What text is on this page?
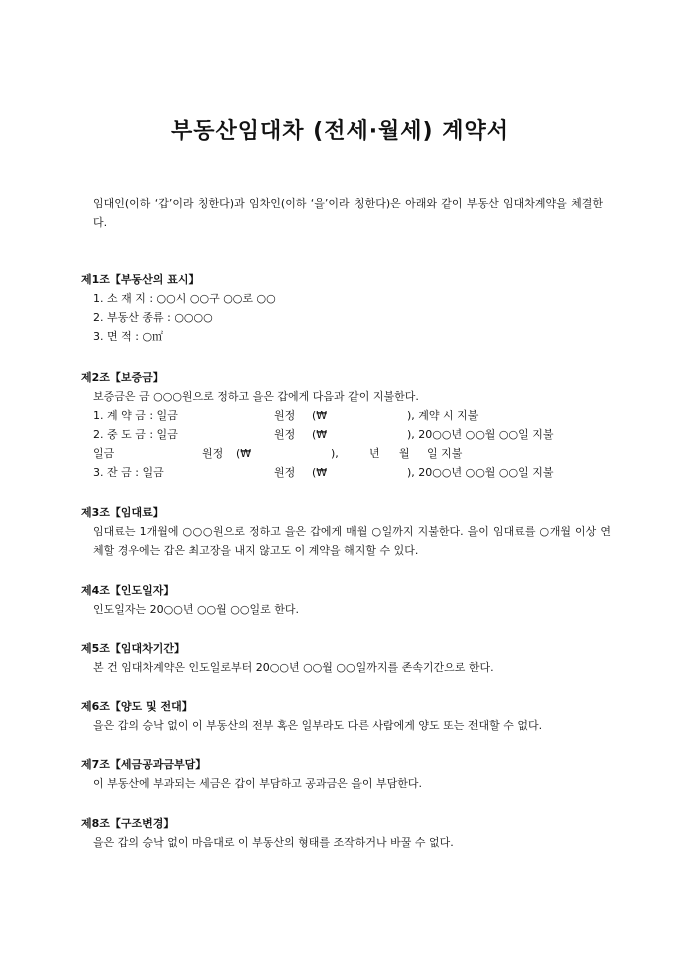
부동산임대차 (전세·월세) 계약서
임대인(이하 ‘갑’이라 칭한다)과 임차인(이하 ‘을’이라 칭한다)은 아래와 같이 부동산 임대차계약을 체결한다.
제1조【부동산의 표시】
1. 소 재 지 : ○○시 ○○구 ○○로 ○○
2. 부동산 종류 : ○○○○
3. 면 적 : ○㎡
제2조【보증금】
보증금은 금 ○○○원으로 정하고 을은 갑에게 다음과 같이 지불한다.
1. 계 약 금 : 일금	원정 (₩	), 계약 시 지불
2. 중 도 금 : 일금	원정 (₩	), 20○○년 ○○월 ○○일 지불
일금	원정 (₩	),	년 월 일 지불
3. 잔 금 : 일금	원정 (₩	), 20○○년 ○○월 ○○일 지불
제3조【임대료】
임대료는 1개월에 ○○○원으로 정하고 을은 갑에게 매월 ○일까지 지불한다. 을이 임대료를 ○개월 이상 연체할 경우에는 갑은 최고장을 내지 않고도 이 계약을 해지할 수 있다.
제4조【인도일자】
인도일자는 20○○년 ○○월 ○○일로 한다.
제5조【임대차기간】
본 건 임대차계약은 인도일로부터 20○○년 ○○월 ○○일까지를 존속기간으로 한다.
제6조【양도 및 전대】
을은 갑의 승낙 없이 이 부동산의 전부 혹은 일부라도 다른 사람에게 양도 또는 전대할 수 없다.
제7조【세금공과금부담】
이 부동산에 부과되는 세금은 갑이 부담하고 공과금은 을이 부담한다.
제8조【구조변경】
을은 갑의 승낙 없이 마음대로 이 부동산의 형태를 조작하거나 바꿀 수 없다.
